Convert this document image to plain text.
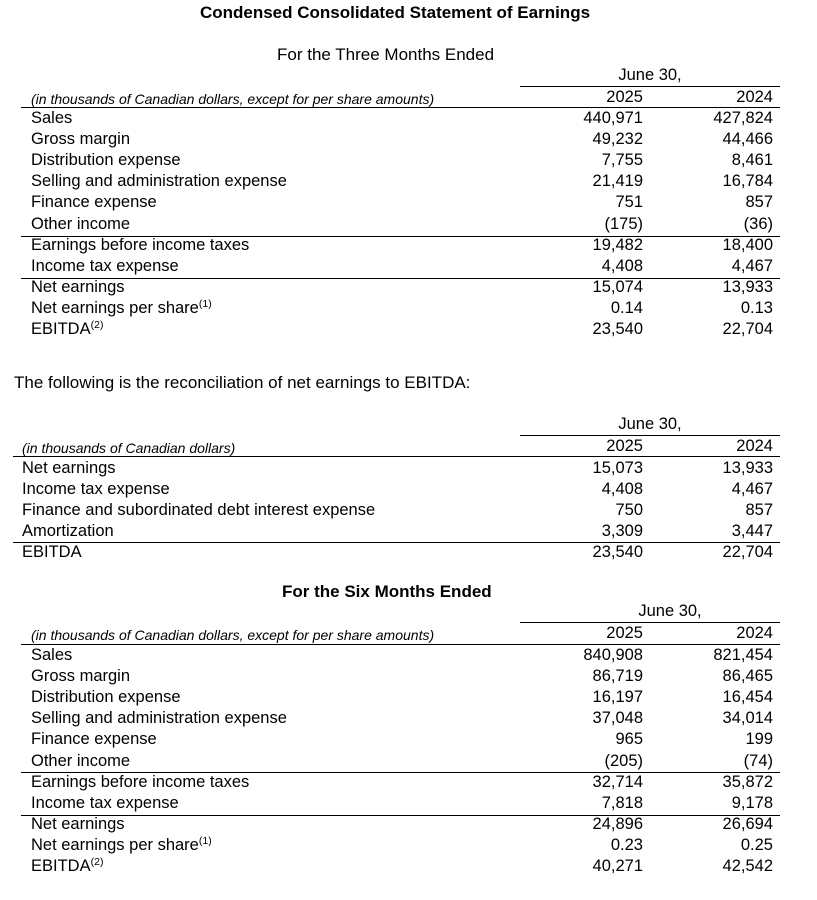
Condensed Consolidated Statement of Earnings
For the Three Months Ended
June 30,
(in thousands of Canadian dollars, except for per share amounts)	2025	2024
Sales	440,971	427,824
Gross margin	49,232	44,466
Distribution expense	7,755	8,461
Selling and administration expense	21,419	16,784
Finance expense	751	857
Other income	(175)	(36)
Earnings before income taxes	19,482	18,400
Income tax expense	4,408	4,467
Net earnings	15,074	13,933
Net earnings per share$^{(1)}$	0.14	0.13
EBITDA$^{(2)}$	23,540	22,704
The following is the reconciliation of net earnings to EBITDA:
June 30,
(in thousands of Canadian dollars)	2025	2024
Net earnings	15,073	13,933
Income tax expense	4,408	4,467
Finance and subordinated debt interest expense	750	857
Amortization	3,309	3,447
EBITDA	23,540	22,704
For the Six Months Ended
June 30,
(in thousands of Canadian dollars, except for per share amounts)	2025	2024
Sales	840,908	821,454
Gross margin	86,719	86,465
Distribution expense	16,197	16,454
Selling and administration expense	37,048	34,014
Finance expense	965	199
Other income	(205)	(74)
Earnings before income taxes	32,714	35,872
Income tax expense	7,818	9,178
Net earnings	24,896	26,694
Net earnings per share$^{(1)}$	0.23	0.25
EBITDA$^{(2)}$	40,271	42,542
